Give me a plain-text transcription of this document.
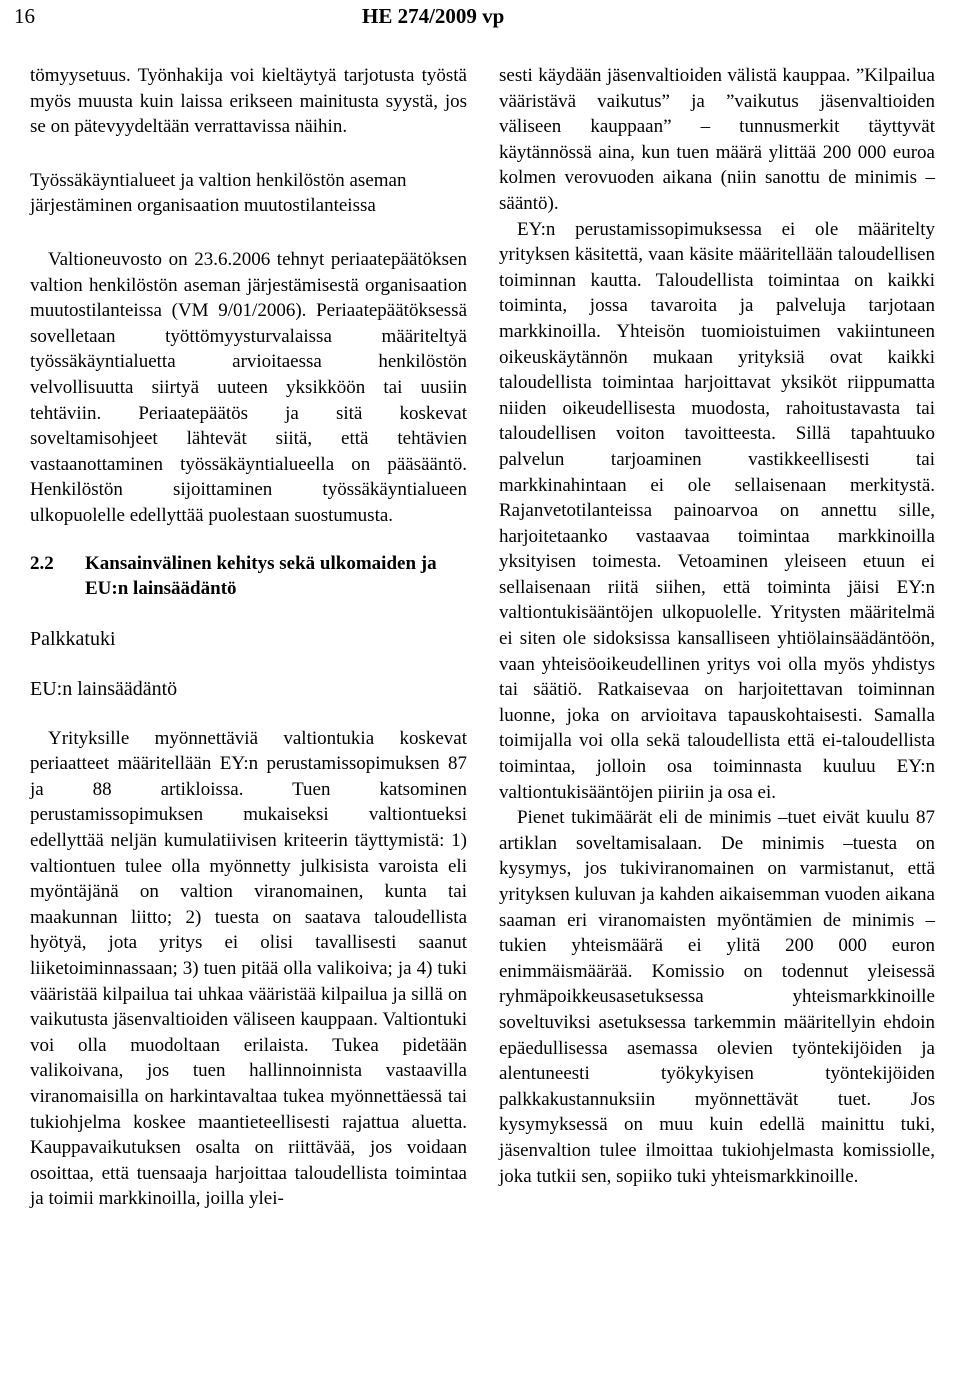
16	HE 274/2009 vp

tömyysetuus. Työnhakija voi kieltäytyä tarjotusta työstä myös muusta kuin laissa erikseen mainitusta syystä, jos se on pätevyydeltään verrattavissa näihin.

Työssäkäyntialueet ja valtion henkilöstön aseman järjestäminen organisaation muutostilanteissa

Valtioneuvosto on 23.6.2006 tehnyt periaatepäätöksen valtion henkilöstön aseman järjestämisestä organisaation muutostilanteissa (VM 9/01/2006). Periaatepäätöksessä sovelletaan työttömyysturvalaissa määriteltyä työssäkäyntialuetta arvioitaessa henkilöstön velvollisuutta siirtyä uuteen yksikköön tai uusiin tehtäviin. Periaatepäätös ja sitä koskevat soveltamisohjeet lähtevät siitä, että tehtävien vastaanottaminen työssäkäyntialueella on pääsääntö. Henkilöstön sijoittaminen työssäkäyntialueen ulkopuolelle edellyttää puolestaan suostumusta.

2.2	Kansainvälinen kehitys sekä ulkomaiden ja EU:n lainsäädäntö

Palkkatuki

EU:n lainsäädäntö

Yrityksille myönnettäviä valtiontukia koskevat periaatteet määritellään EY:n perustamissopimuksen 87 ja 88 artikloissa. Tuen katsominen perustamissopimuksen mukaiseksi valtiontueksi edellyttää neljän kumulatiivisen kriteerin täyttymistä: 1) valtiontuen tulee olla myönnetty julkisista varoista eli myöntäjänä on valtion viranomainen, kunta tai maakunnan liitto; 2) tuesta on saatava taloudellista hyötyä, jota yritys ei olisi tavallisesti saanut liiketoiminnassaan; 3) tuen pitää olla valikoiva; ja 4) tuki vääristää kilpailua tai uhkaa vääristää kilpailua ja sillä on vaikutusta jäsenvaltioiden väliseen kauppaan. Valtiontuki voi olla muodoltaan erilaista. Tukea pidetään valikoivana, jos tuen hallinnoinnista vastaavilla viranomaisilla on harkintavaltaa tukea myönnettäessä tai tukiohjelma koskee maantieteellisesti rajattua aluetta. Kauppavaikutuksen osalta on riittävää, jos voidaan osoittaa, että tuensaaja harjoittaa taloudellista toimintaa ja toimii markkinoilla, joilla ylei-

sesti käydään jäsenvaltioiden välistä kauppaa. ”Kilpailua vääristävä vaikutus” ja ”vaikutus jäsenvaltioiden väliseen kauppaan” – tunnusmerkit täyttyvät käytännössä aina, kun tuen määrä ylittää 200 000 euroa kolmen verovuoden aikana (niin sanottu de minimis – sääntö).

EY:n perustamissopimuksessa ei ole määritelty yrityksen käsitettä, vaan käsite määritellään taloudellisen toiminnan kautta. Taloudellista toimintaa on kaikki toiminta, jossa tavaroita ja palveluja tarjotaan markkinoilla. Yhteisön tuomioistuimen vakiintuneen oikeuskäytännön mukaan yrityksiä ovat kaikki taloudellista toimintaa harjoittavat yksiköt riippumatta niiden oikeudellisesta muodosta, rahoitustavasta tai taloudellisen voiton tavoitteesta. Sillä tapahtuuko palvelun tarjoaminen vastikkeellisesti tai markkinahintaan ei ole sellaisenaan merkitystä. Rajanvetotilanteissa painoarvoa on annettu sille, harjoitetaanko vastaavaa toimintaa markkinoilla yksityisen toimesta. Vetoaminen yleiseen etuun ei sellaisenaan riitä siihen, että toiminta jäisi EY:n valtiontukisääntöjen ulkopuolelle. Yritysten määritelmä ei siten ole sidoksissa kansalliseen yhtiölainsäädäntöön, vaan yhteisöoikeudellinen yritys voi olla myös yhdistys tai säätiö. Ratkaisevaa on harjoitettavan toiminnan luonne, joka on arvioitava tapauskohtaisesti. Samalla toimijalla voi olla sekä taloudellista että ei-taloudellista toimintaa, jolloin osa toiminnasta kuuluu EY:n valtiontukisääntöjen piiriin ja osa ei.

Pienet tukimäärät eli de minimis –tuet eivät kuulu 87 artiklan soveltamisalaan. De minimis –tuesta on kysymys, jos tukiviranomainen on varmistanut, että yrityksen kuluvan ja kahden aikaisemman vuoden aikana saaman eri viranomaisten myöntämien de minimis –tukien yhteismäärä ei ylitä 200 000 euron enimmäismäärää. Komissio on todennut yleisessä ryhmäpoikkeusasetuksessa yhteismarkkinoille soveltuviksi asetuksessa tarkemmin määritellyin ehdoin epäedullisessa asemassa olevien työntekijöiden ja alentuneesti työkykyisen työntekijöiden palkkakustannuksiin myönnettävät tuet. Jos kysymyksessä on muu kuin edellä mainittu tuki, jäsenvaltion tulee ilmoittaa tukiohjelmasta komissiolle, joka tutkii sen, sopiiko tuki yhteismarkkinoille.
